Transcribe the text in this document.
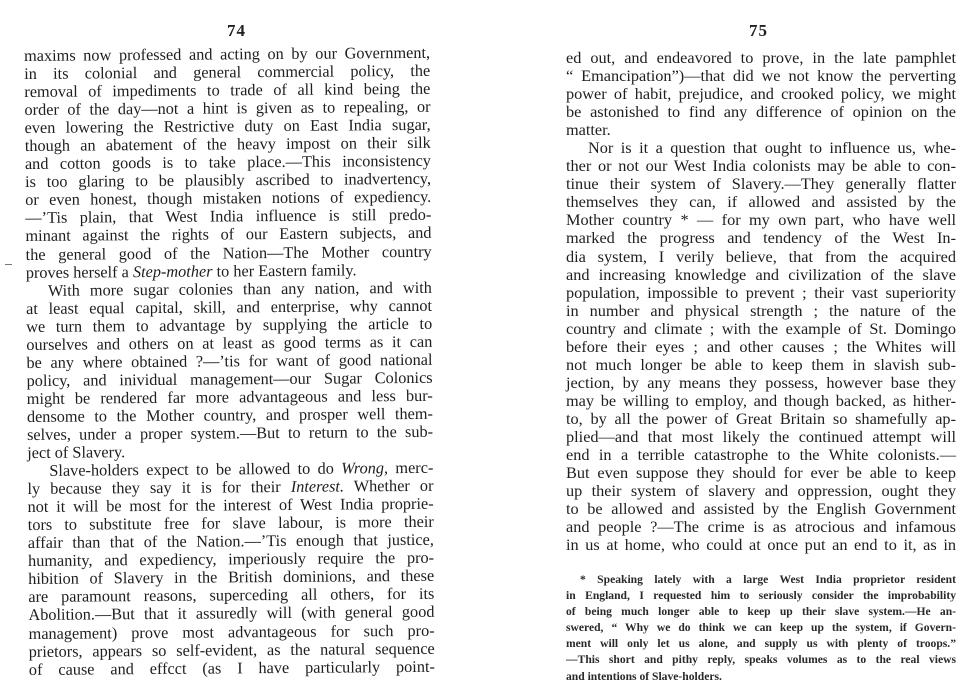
74
maxims now professed and acting on by our Government,
in its colonial and general commercial policy, the
removal of impediments to trade of all kind being the
order of the day—not a hint is given as to repealing, or
even lowering the Restrictive duty on East India sugar,
though an abatement of the heavy impost on their silk
and cotton goods is to take place.—This inconsistency
is too glaring to be plausibly ascribed to inadvertency,
or even honest, though mistaken notions of expediency.
—’Tis plain, that West India influence is still predo-
minant against the rights of our Eastern subjects, and
the general good of the Nation—The Mother country
proves herself a Step-mother to her Eastern family.
With more sugar colonies than any nation, and with
at least equal capital, skill, and enterprise, why cannot
we turn them to advantage by supplying the article to
ourselves and others on at least as good terms as it can
be any where obtained ?—’tis for want of good national
policy, and inividual management—our Sugar Colonics
might be rendered far more advantageous and less bur-
densome to the Mother country, and prosper well them-
selves, under a proper system.—But to return to the sub-
ject of Slavery.
Slave-holders expect to be allowed to do Wrong, merc-
ly because they say it is for their Interest. Whether or
not it will be most for the interest of West India proprie-
tors to substitute free for slave labour, is more their
affair than that of the Nation.—’Tis enough that justice,
humanity, and expediency, imperiously require the pro-
hibition of Slavery in the British dominions, and these
are paramount reasons, superceding all others, for its
Abolition.—But that it assuredly will (with general good
management) prove most advantageous for such pro-
prietors, appears so self-evident, as the natural sequence
of cause and effcct (as I have particularly point-
75
ed out, and endeavored to prove, in the late pamphlet
“ Emancipation”)—that did we not know the perverting
power of habit, prejudice, and crooked policy, we might
be astonished to find any difference of opinion on the
matter.
Nor is it a question that ought to influence us, whe-
ther or not our West India colonists may be able to con-
tinue their system of Slavery.—They generally flatter
themselves they can, if allowed and assisted by the
Mother country * — for my own part, who have well
marked the progress and tendency of the West In-
dia system, I verily believe, that from the acquired
and increasing knowledge and civilization of the slave
population, impossible to prevent ; their vast superiority
in number and physical strength ; the nature of the
country and climate ; with the example of St. Domingo
before their eyes ; and other causes ; the Whites will
not much longer be able to keep them in slavish sub-
jection, by any means they possess, however base they
may be willing to employ, and though backed, as hither-
to, by all the power of Great Britain so shamefully ap-
plied—and that most likely the continued attempt will
end in a terrible catastrophe to the White colonists.—
But even suppose they should for ever be able to keep
up their system of slavery and oppression, ought they
to be allowed and assisted by the English Government
and people ?—The crime is as atrocious and infamous
in us at home, who could at once put an end to it, as in
* Speaking lately with a large West India proprietor resident
in England, I requested him to seriously consider the improbability
of being much longer able to keep up their slave system.—He an-
swered, “ Why we do think we can keep up the system, if Govern-
ment will only let us alone, and supply us with plenty of troops.”
—This short and pithy reply, speaks volumes as to the real views
and intentions of Slave-holders.
